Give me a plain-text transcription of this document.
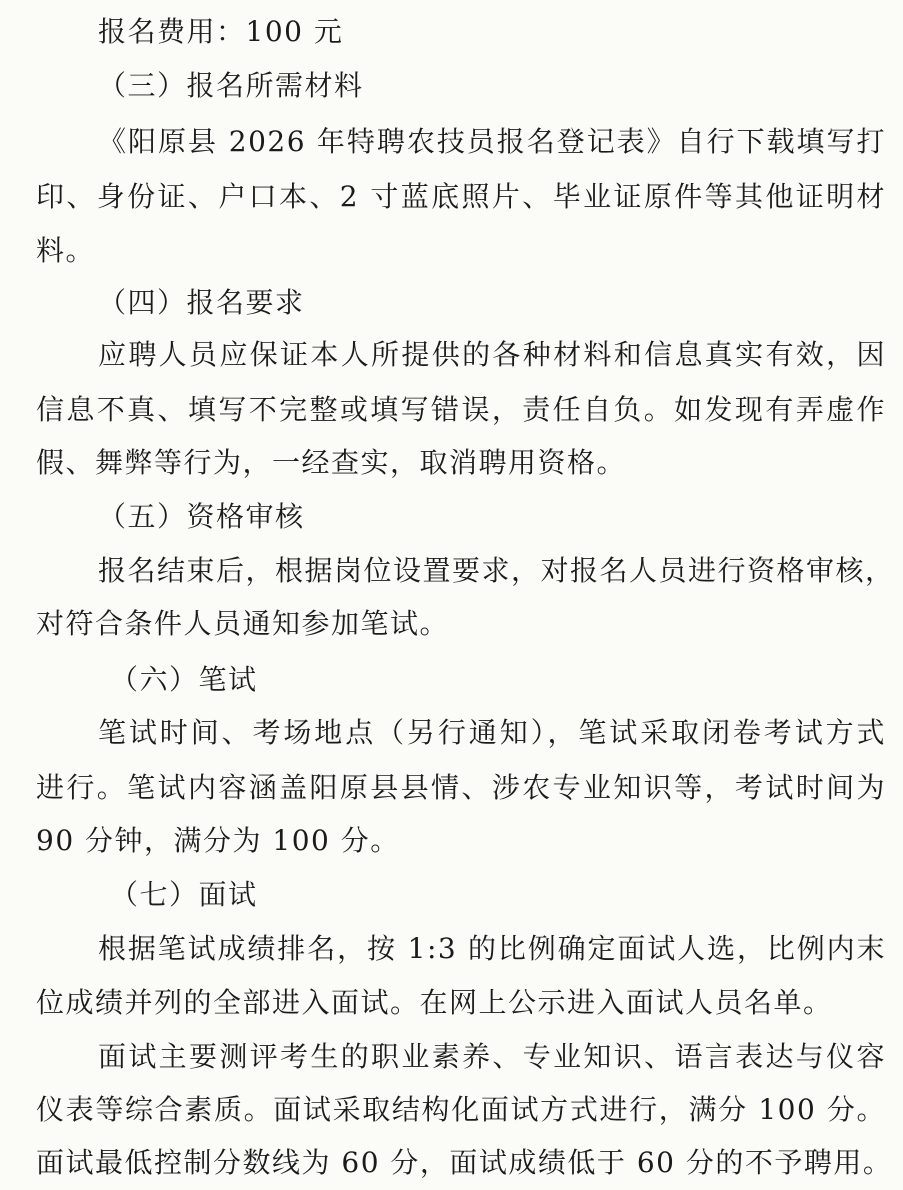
报名费用：100 元
（三）报名所需材料
《阳原县 2026 年特聘农技员报名登记表》自行下载填写打
印、身份证、户口本、2 寸蓝底照片、毕业证原件等其他证明材
料。
（四）报名要求
应聘人员应保证本人所提供的各种材料和信息真实有效，因
信息不真、填写不完整或填写错误，责任自负。如发现有弄虚作
假、舞弊等行为，一经查实，取消聘用资格。
（五）资格审核
报名结束后，根据岗位设置要求，对报名人员进行资格审核，
对符合条件人员通知参加笔试。
（六）笔试
笔试时间、考场地点（另行通知），笔试采取闭卷考试方式
进行。笔试内容涵盖阳原县县情、涉农专业知识等，考试时间为
90 分钟，满分为 100 分。
（七）面试
根据笔试成绩排名，按 1:3 的比例确定面试人选，比例内末
位成绩并列的全部进入面试。在网上公示进入面试人员名单。
面试主要测评考生的职业素养、专业知识、语言表达与仪容
仪表等综合素质。面试采取结构化面试方式进行，满分 100 分。
面试最低控制分数线为 60 分，面试成绩低于 60 分的不予聘用。
